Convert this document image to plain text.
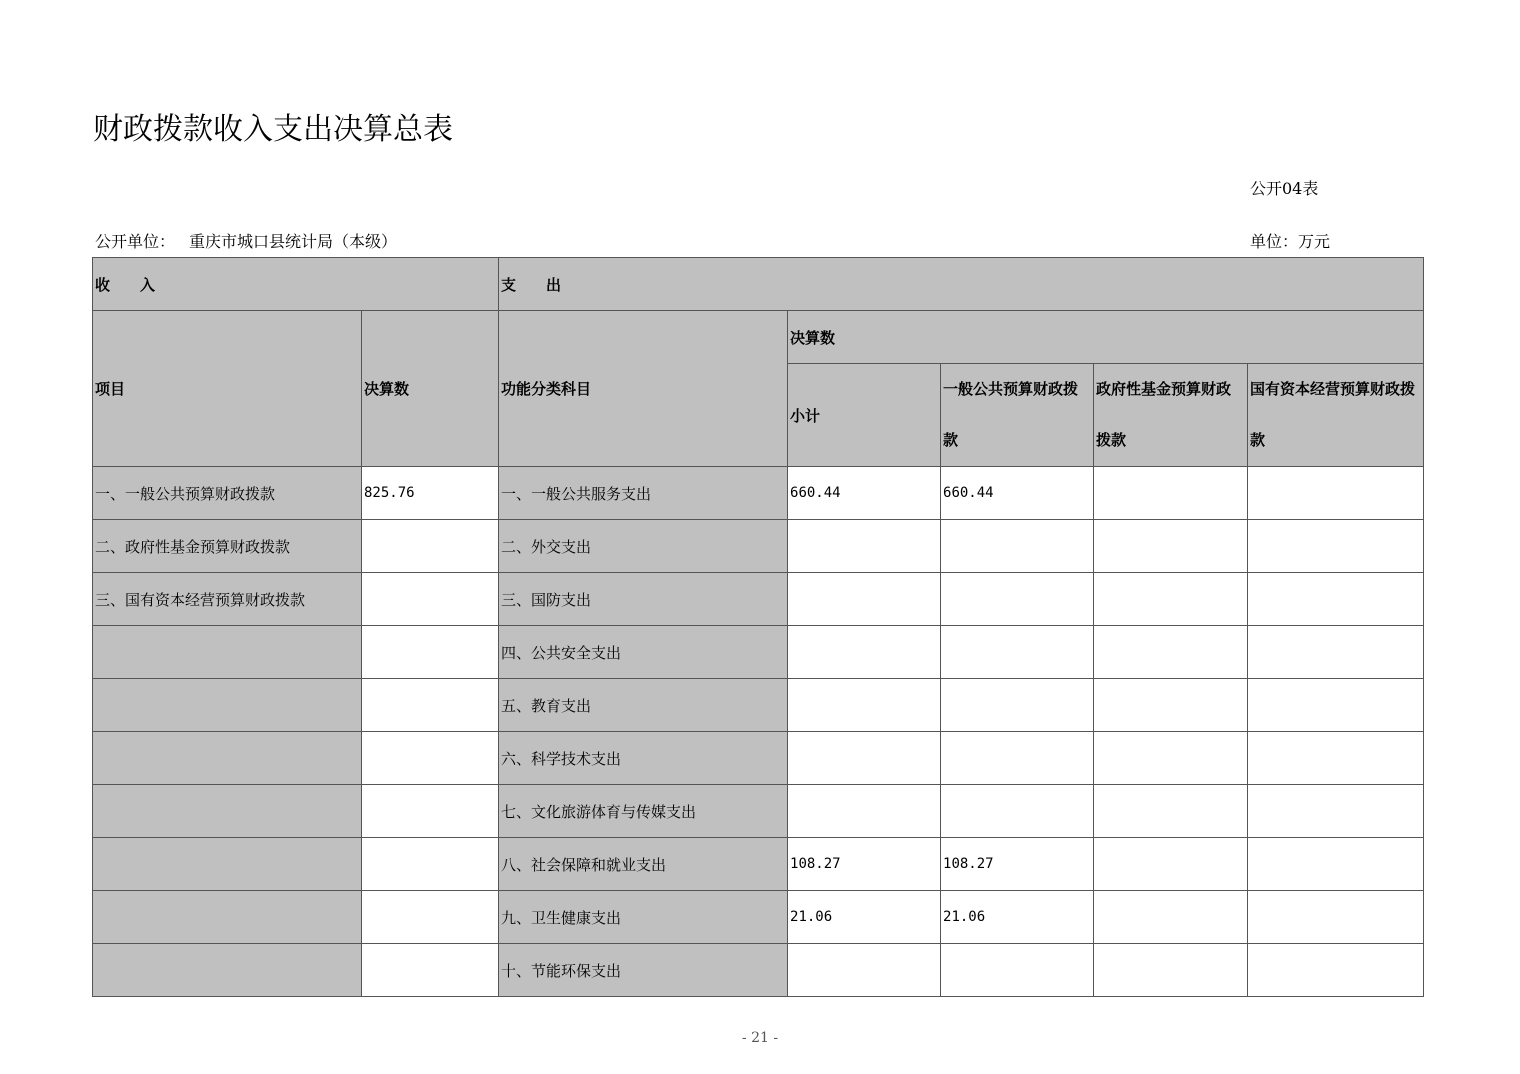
财政拨款收入支出决算总表
公开04表
公开单位： 重庆市城口县统计局（本级）	单位：万元
收　　入		支　　出				
项目	决算数	功能分类科目	决算数			
			小计	一般公共预算财政拨款	政府性基金预算财政拨款	国有资本经营预算财政拨款

一、一般公共预算财政拨款	825.76	一、一般公共服务支出	660.44	660.44		
二、政府性基金预算财政拨款		二、外交支出				
三、国有资本经营预算财政拨款		三、国防支出				
		四、公共安全支出				
		五、教育支出				
		六、科学技术支出				
		七、文化旅游体育与传媒支出				
		八、社会保障和就业支出	108.27	108.27		
		九、卫生健康支出	21.06	21.06		
		十、节能环保支出				
- 21 -
